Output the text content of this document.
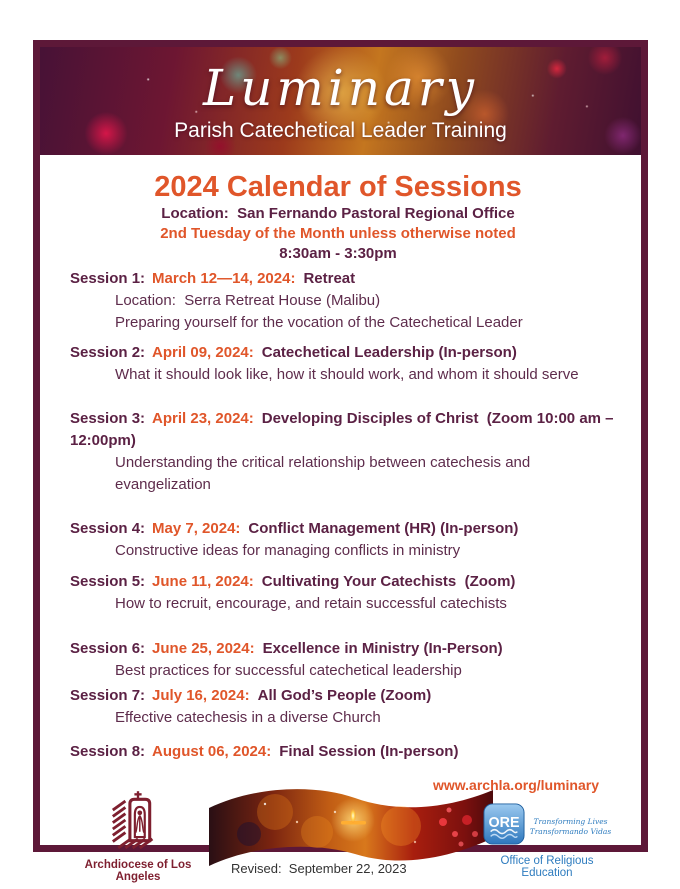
Luminary
Parish Catechetical Leader Training
2024 Calendar of Sessions
Location:  San Fernando Pastoral Regional Office
2nd Tuesday of the Month unless otherwise noted
8:30am - 3:30pm
Session 1: March 12—14, 2024: Retreat
Location:  Serra Retreat House (Malibu)
Preparing yourself for the vocation of the Catechetical Leader
Session 2: April 09, 2024: Catechetical Leadership (In-person)
What it should look like, how it should work, and whom it should serve
Session 3: April 23, 2024: Developing Disciples of Christ  (Zoom 10:00 am –12:00pm)
Understanding the critical relationship between catechesis and evangelization
Session 4: May 7, 2024: Conflict Management (HR) (In-person)
Constructive ideas for managing conflicts in ministry
Session 5: June 11, 2024: Cultivating Your Catechists  (Zoom)
How to recruit, encourage, and retain successful catechists
Session 6: June 25, 2024: Excellence in Ministry (In-Person)
Best practices for successful catechetical leadership
Session 7: July 16, 2024: All God’s People (Zoom)
Effective catechesis in a diverse Church
Session 8: August 06, 2024: Final Session (In-person)
www.archla.org/luminary
Archdiocese of Los Angeles
Revised:  September 22, 2023
ORE	Transforming Lives
Transformando Vidas
Office of Religious Education
